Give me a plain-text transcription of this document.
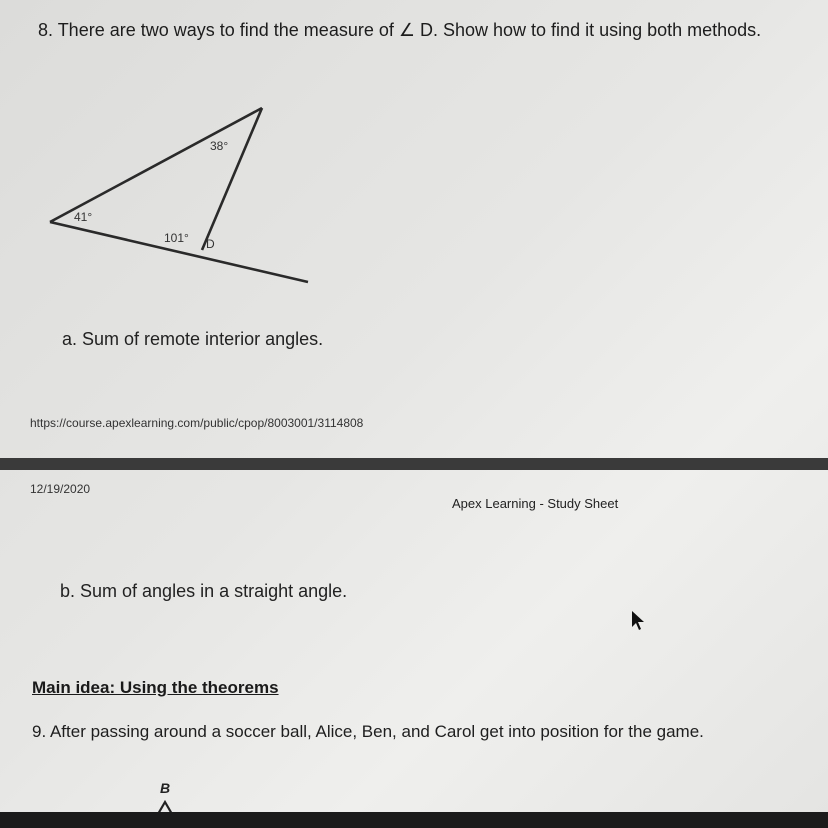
8. There are two ways to find the measure of ∠ D. Show how to find it using both methods.
38°
41°
101° D
a. Sum of remote interior angles.
https://course.apexlearning.com/public/cpop/8003001/3114808
12/19/2020
Apex Learning - Study Sheet
b. Sum of angles in a straight angle.
Main idea: Using the theorems
9. After passing around a soccer ball, Alice, Ben, and Carol get into position for the game.
B
